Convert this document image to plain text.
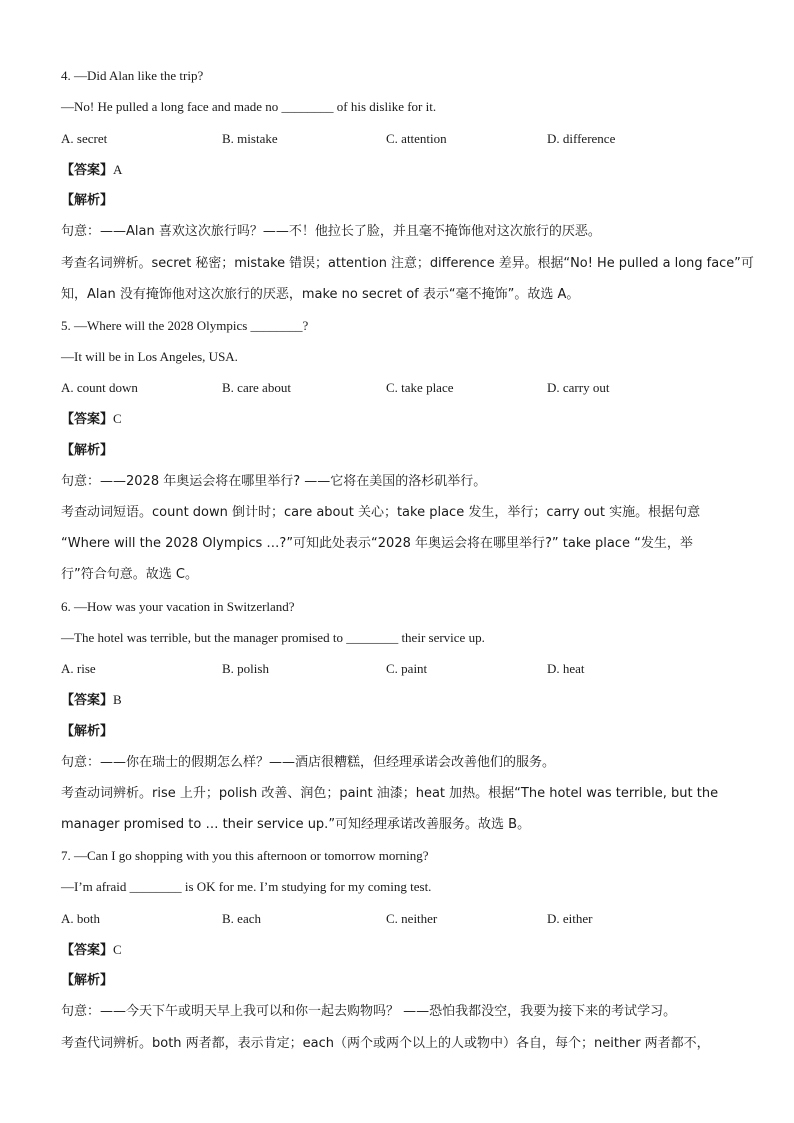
4. —Did Alan like the trip?
—No! He pulled a long face and made no ________ of his dislike for it.
A. secret	B. mistake	C. attention	D. difference
【答案】A
【解析】
句意：——Alan 喜欢这次旅行吗？——不！他拉长了脸，并且毫不掩饰他对这次旅行的厌恶。
考查名词辨析。secret 秘密；mistake 错误；attention 注意；difference 差异。根据“No! He pulled a long face”可
知，Alan 没有掩饰他对这次旅行的厌恶，make no secret of 表示“毫不掩饰”。故选 A。
5. —Where will the 2028 Olympics ________?
—It will be in Los Angeles, USA.
A. count down	B. care about	C. take place	D. carry out
【答案】C
【解析】
句意：——2028 年奥运会将在哪里举行? ——它将在美国的洛杉矶举行。
考查动词短语。count down 倒计时；care about 关心；take place 发生，举行；carry out 实施。根据句意
“Where will the 2028 Olympics …?”可知此处表示“2028 年奥运会将在哪里举行?” take place “发生，举
行”符合句意。故选 C。
6. —How was your vacation in Switzerland?
—The hotel was terrible, but the manager promised to ________ their service up.
A. rise	B. polish	C. paint	D. heat
【答案】B
【解析】
句意：——你在瑞士的假期怎么样？——酒店很糟糕，但经理承诺会改善他们的服务。
考查动词辨析。rise 上升；polish 改善、润色；paint 油漆；heat 加热。根据“The hotel was terrible, but the
manager promised to … their service up.”可知经理承诺改善服务。故选 B。
7. —Can I go shopping with you this afternoon or tomorrow morning?
—I’m afraid ________ is OK for me. I’m studying for my coming test.
A. both	B. each	C. neither	D. either
【答案】C
【解析】
句意：——今天下午或明天早上我可以和你一起去购物吗？ ——恐怕我都没空，我要为接下来的考试学习。
考查代词辨析。both 两者都，表示肯定；each（两个或两个以上的人或物中）各自，每个；neither 两者都不，
